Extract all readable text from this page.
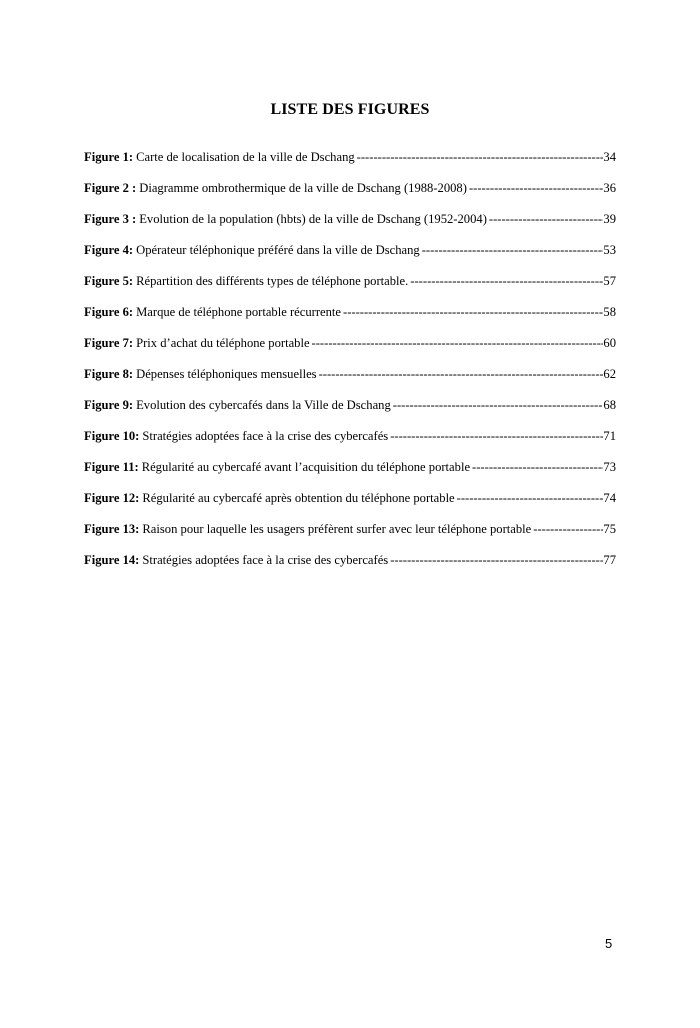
LISTE DES FIGURES
Figure 1: Carte de localisation de la ville de Dschang -----	34
Figure 2 : Diagramme ombrothermique de la ville de Dschang (1988-2008) -----	36
Figure 3 : Evolution de la population (hbts) de la ville de Dschang (1952-2004) -----	39
Figure 4: Opérateur téléphonique préféré dans la ville de Dschang -----	53
Figure 5: Répartition des différents types de téléphone portable. -----	57
Figure 6: Marque de téléphone portable récurrente -----	58
Figure 7: Prix d’achat du téléphone portable -----	60
Figure 8: Dépenses téléphoniques mensuelles -----	62
Figure 9: Evolution des cybercafés dans la Ville de Dschang -----	68
Figure 10: Stratégies adoptées face à la crise des cybercafés -----	71
Figure 11: Régularité au cybercafé avant l’acquisition du téléphone portable -----	73
Figure 12: Régularité au cybercafé après obtention du téléphone portable -----	74
Figure 13: Raison pour laquelle les usagers préfèrent surfer avec leur téléphone portable -----	75
Figure 14: Stratégies adoptées face à la crise des cybercafés -----	77
5
